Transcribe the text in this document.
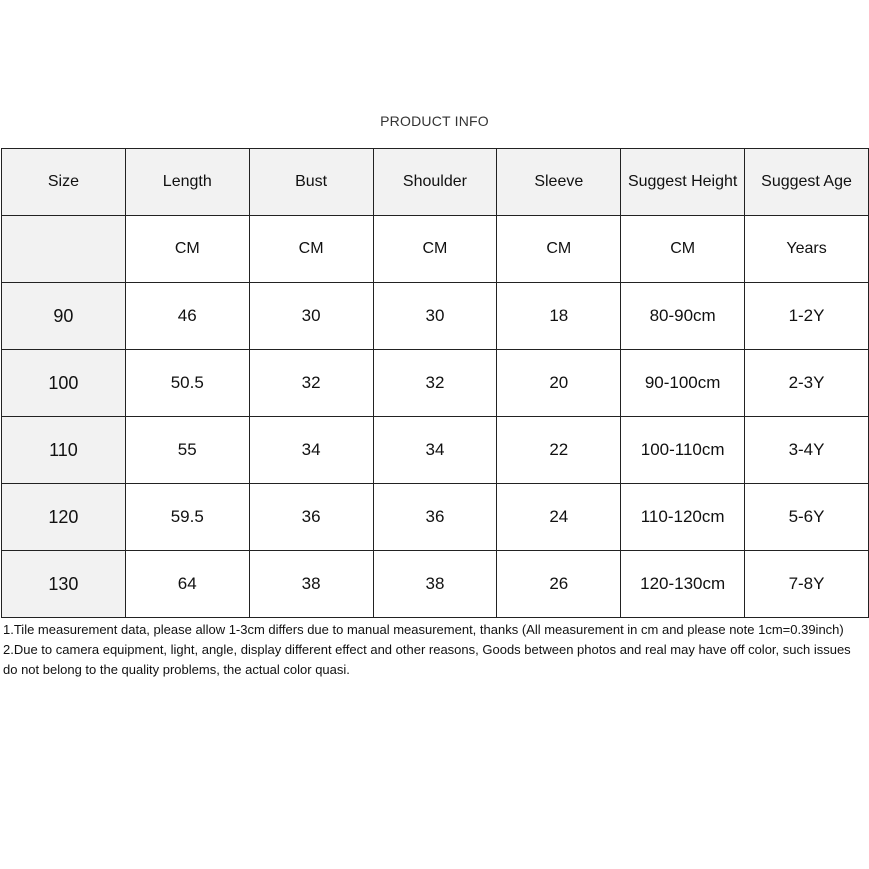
PRODUCT INFO
Size	Length	Bust	Shoulder	Sleeve	Suggest Height	Suggest Age
	CM	CM	CM	CM	CM	Years
90	46	30	30	18	80-90cm	1-2Y
100	50.5	32	32	20	90-100cm	2-3Y
110	55	34	34	22	100-110cm	3-4Y
120	59.5	36	36	24	110-120cm	5-6Y
130	64	38	38	26	120-130cm	7-8Y

1.Tile measurement data, please allow 1-3cm differs due to manual measurement, thanks (All measurement in cm and please note 1cm=0.39inch)

2.Due to camera equipment, light, angle, display different effect and other reasons, Goods between photos and real may have off color, such issues do not belong to the quality problems, the actual color quasi.
